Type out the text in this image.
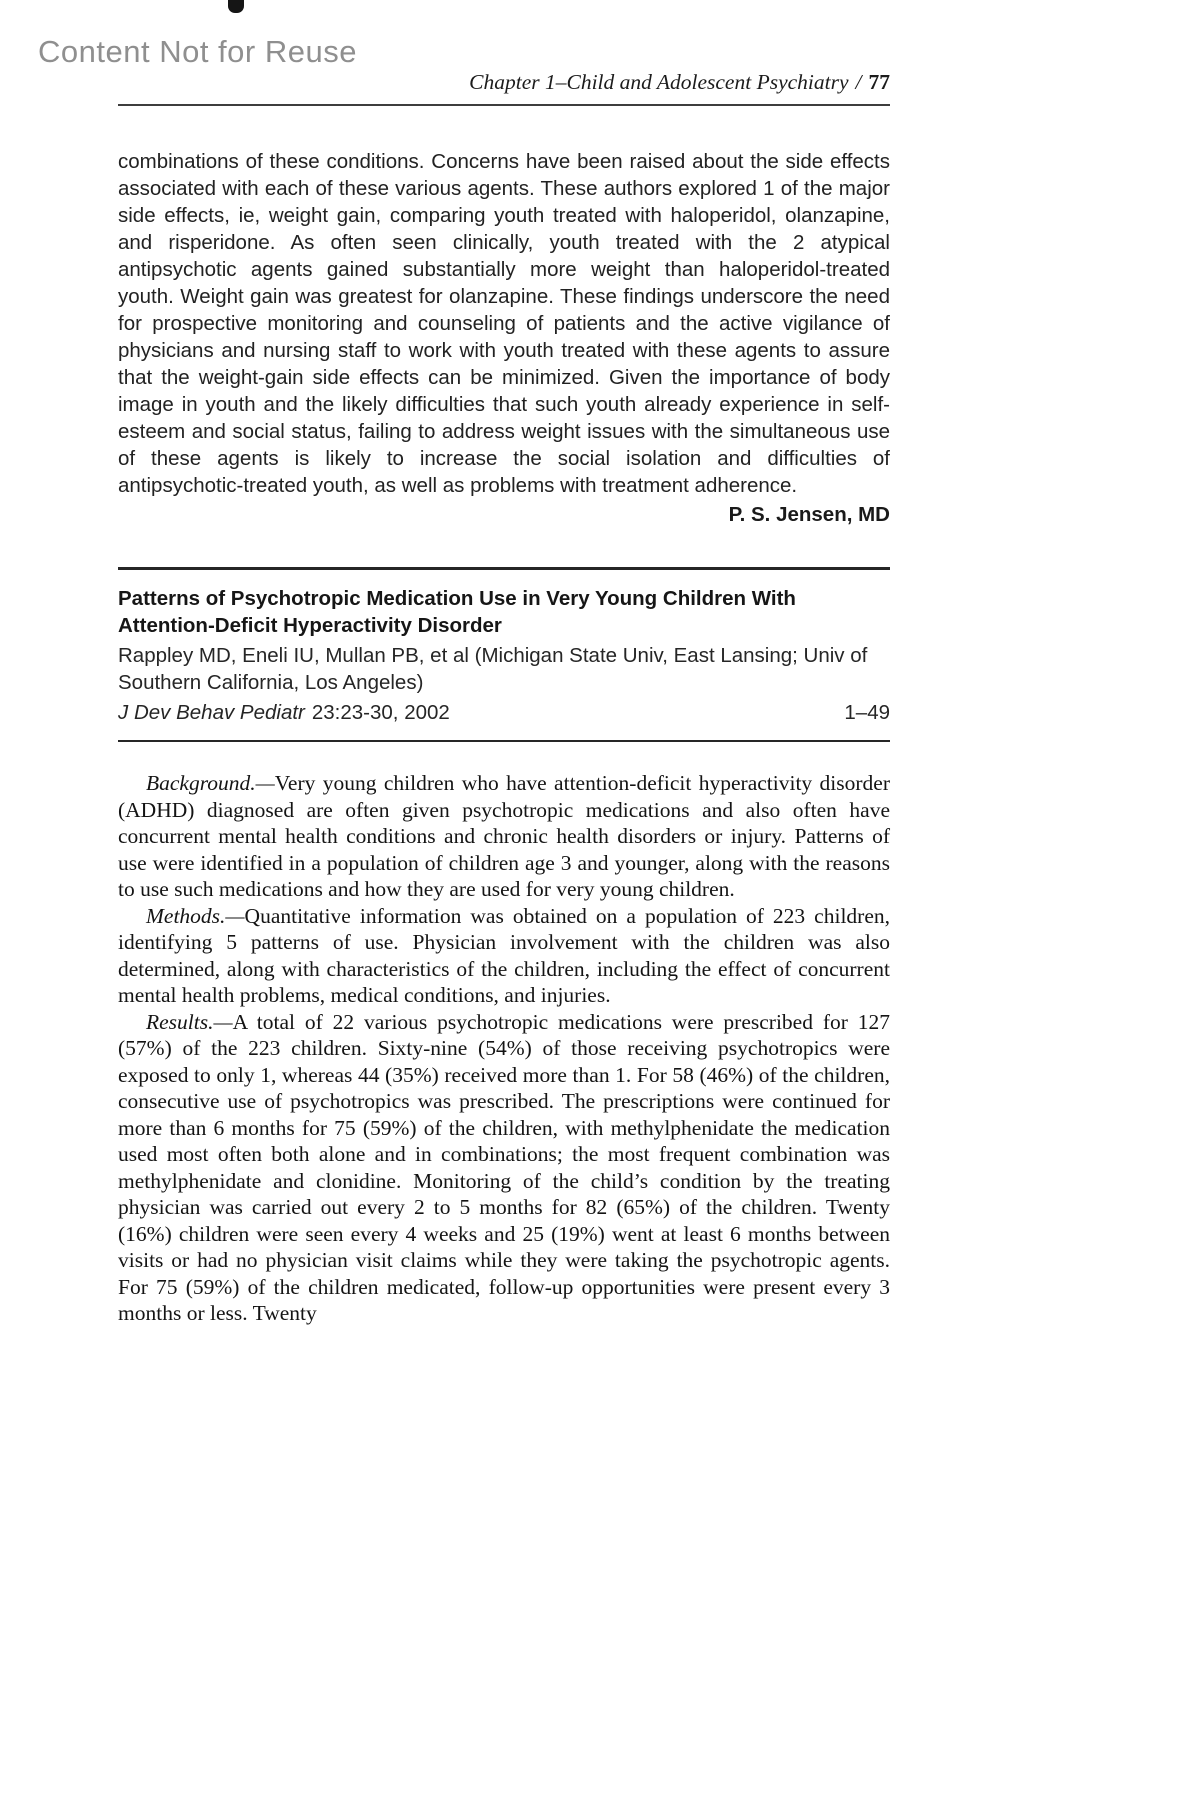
Content Not for Reuse
Chapter 1–Child and Adolescent Psychiatry / 77

combinations of these conditions. Concerns have been raised about the side effects associated with each of these various agents. These authors explored 1 of the major side effects, ie, weight gain, comparing youth treated with haloperidol, olanzapine, and risperidone. As often seen clinically, youth treated with the 2 atypical antipsychotic agents gained substantially more weight than haloperidol-treated youth. Weight gain was greatest for olanzapine. These findings underscore the need for prospective monitoring and counseling of patients and the active vigilance of physicians and nursing staff to work with youth treated with these agents to assure that the weight-gain side effects can be minimized. Given the importance of body image in youth and the likely difficulties that such youth already experience in self-esteem and social status, failing to address weight issues with the simultaneous use of these agents is likely to increase the social isolation and difficulties of antipsychotic-treated youth, as well as problems with treatment adherence.

P. S. Jensen, MD

Patterns of Psychotropic Medication Use in Very Young Children With Attention-Deficit Hyperactivity Disorder

Rappley MD, Eneli IU, Mullan PB, et al (Michigan State Univ, East Lansing; Univ of Southern California, Los Angeles)

J Dev Behav Pediatr 23:23-30, 2002	1–49

Background.—Very young children who have attention-deficit hyperactivity disorder (ADHD) diagnosed are often given psychotropic medications and also often have concurrent mental health conditions and chronic health disorders or injury. Patterns of use were identified in a population of children age 3 and younger, along with the reasons to use such medications and how they are used for very young children.

Methods.—Quantitative information was obtained on a population of 223 children, identifying 5 patterns of use. Physician involvement with the children was also determined, along with characteristics of the children, including the effect of concurrent mental health problems, medical conditions, and injuries.

Results.—A total of 22 various psychotropic medications were prescribed for 127 (57%) of the 223 children. Sixty-nine (54%) of those receiving psychotropics were exposed to only 1, whereas 44 (35%) received more than 1. For 58 (46%) of the children, consecutive use of psychotropics was prescribed. The prescriptions were continued for more than 6 months for 75 (59%) of the children, with methylphenidate the medication used most often both alone and in combinations; the most frequent combination was methylphenidate and clonidine. Monitoring of the child’s condition by the treating physician was carried out every 2 to 5 months for 82 (65%) of the children. Twenty (16%) children were seen every 4 weeks and 25 (19%) went at least 6 months between visits or had no physician visit claims while they were taking the psychotropic agents. For 75 (59%) of the children medicated, follow-up opportunities were present every 3 months or less. Twenty
